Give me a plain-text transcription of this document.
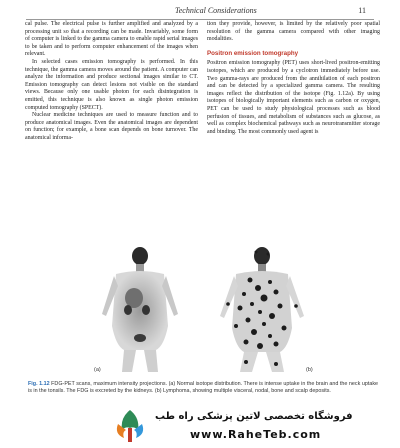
Technical Considerations	11

cal pulse. The electrical pulse is further amplified and analyzed by a processing unit so that a recording can be made. Invariably, some form of computer is linked to the gamma camera to enable rapid serial images to be taken and to perform computer enhancement of the images when relevant.

In selected cases emission tomography is performed. In this technique, the gamma camera moves around the patient. A computer can analyze the information and produce sectional images similar to CT. Emission tomography can detect lesions not visible on the standard views. Because only one usable photon for each disintegration is emitted, this technique is also known as single photon emission computed tomography (SPECT).

Nuclear medicine techniques are used to measure function and to produce anatomical images. Even the anatomical images are dependent on function; for example, a bone scan depends on bone turnover. The anatomical informa-

tion they provide, however, is limited by the relatively poor spatial resolution of the gamma camera compared with other imaging modalities.

Positron emission tomography

Positron emission tomography (PET) uses short-lived positron-emitting isotopes, which are produced by a cyclotron immediately before use. Two gamma-rays are produced from the annihilation of each positron and can be detected by a specialized gamma camera. The resulting images reflect the distribution of the isotope (Fig. 1.12a). By using isotopes of biologically important elements such as carbon or oxygen, PET can be used to study physiological processes such as blood perfusion of tissues, and metabolism of substances such as glucose, as well as complex biochemical pathways such as neurotransmitter storage and binding. The most commonly used agent is

(a)	(b)
Fig. 1.12 FDG-PET scans, maximum intensity projections. (a) Normal isotope distribution. There is intense uptake in the brain and the neck uptake is in the tonsils. The FDG is excreted by the kidneys. (b) Lymphoma, showing multiple visceral, nodal, bone and scalp deposits.
فروشگاه تخصصی لاتین پزشکی راه طب
www.RaheTeb.com
